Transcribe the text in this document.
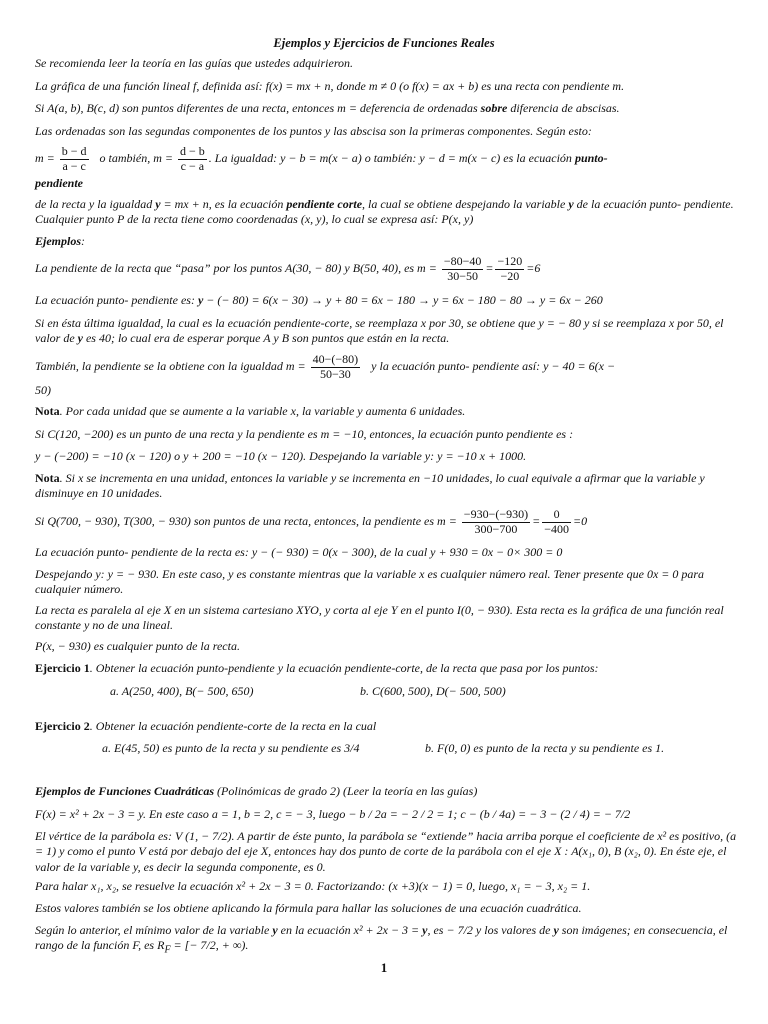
Ejemplos y Ejercicios de Funciones Reales

Se recomienda leer la teoría en las guías que ustedes adquirieron.

La gráfica de una función lineal f, definida así: f(x) = mx + n, donde m ≠ 0 (o f(x) = ax + b) es una recta con pendiente m.

Si A(a, b), B(c, d) son puntos diferentes de una recta, entonces m = deferencia de ordenadas sobre diferencia de abscisas.

Las ordenadas son las segundas componentes de los puntos y las abscisa son la primeras componentes. Según esto:

$m = \frac{b - d}{a - c}$ o también, $m = \frac{d - b}{c - a}$ . La igualdad: y − b = m(x − a) o también: y − d = m(x − c) es la ecuación punto-

pendiente

de la recta y la igualdad y = mx + n, es la ecuación pendiente corte, la cual se obtiene despejando la variable y de la ecuación punto- pendiente. Cualquier punto P de la recta tiene como coordenadas (x, y), lo cual se expresa así: P(x, y)

Ejemplos:

La pendiente de la recta que “pasa” por los puntos A(30, − 80) y B(50, 40), es $m = \frac{-80-40}{30-50} = \frac{-120}{-20} =6$

La ecuación punto- pendiente es: y − (− 80) = 6(x − 30) → y + 80 = 6x − 180 → y = 6x − 180 − 80 → y = 6x − 260

Si en ésta última igualdad, la cual es la ecuación pendiente-corte, se reemplaza x por 30, se obtiene que y = − 80 y si se reemplaza x por 50, el valor de y es 40; lo cual era de esperar porque A y B son puntos que están en la recta.

También, la pendiente se la obtiene con la igualdad $m = \frac{40-(-80)}{50-30}$ y la ecuación punto- pendiente así: y − 40 = 6(x −

50)

Nota. Por cada unidad que se aumente a la variable x, la variable y aumenta 6 unidades.

Si C(120, −200) es un punto de una recta y la pendiente es m = −10, entonces, la ecuación punto pendiente es :

y − (−200) = −10 (x − 120) o y + 200 = −10 (x − 120). Despejando la variable y: y = −10 x + 1000.

Nota. Si x se incrementa en una unidad, entonces la variable y se incrementa en −10 unidades, lo cual equivale a afirmar que la variable y disminuye en 10 unidades.

Si Q(700, − 930), T(300, − 930) son puntos de una recta, entonces, la pendiente es $m = \frac{-930-(-930)}{300-700} = \frac{0}{-400} =0$

La ecuación punto- pendiente de la recta es: y − (− 930) = 0(x − 300), de la cual y + 930 = 0x − 0× 300 = 0

Despejando y: y = − 930. En este caso, y es constante mientras que la variable x es cualquier número real. Tener presente que 0x = 0 para cualquier número.

La recta es paralela al eje X en un sistema cartesiano XYO, y corta al eje Y en el punto I(0, − 930). Esta recta es la gráfica de una función real constante y no de una lineal.

P(x, − 930) es cualquier punto de la recta.

Ejercicio 1. Obtener la ecuación punto-pendiente y la ecuación pendiente-corte, de la recta que pasa por los puntos:

a. A(250, 400), B(− 500, 650)	b. C(600, 500), D(− 500, 500)

Ejercicio 2. Obtener la ecuación pendiente-corte de la recta en la cual

a. E(45, 50) es punto de la recta y su pendiente es 3/4	b. F(0, 0) es punto de la recta y su pendiente es 1.

Ejemplos de Funciones Cuadráticas (Polinómicas de grado 2) (Leer la teoría en las guías)

F(x) = x² + 2x − 3 = y. En este caso a = 1, b = 2, c = − 3, luego − b / 2a = − 2 / 2 = 1; c − (b / 4a) = − 3 − (2 / 4) = − 7/2

El vértice de la parábola es: V (1, − 7/2). A partir de éste punto, la parábola se “extiende” hacia arriba porque el coeficiente de x² es positivo, (a = 1) y como el punto V está por debajo del eje X, entonces hay dos punto de corte de la parábola con el eje X : A(x₁, 0), B (x₂, 0). En éste eje, el valor de la variable y, es decir la segunda componente, es 0.

Para halar x₁, x₂, se resuelve la ecuación x² + 2x − 3 = 0. Factorizando: (x +3)(x − 1) = 0, luego, x₁ = − 3, x₂ = 1.

Estos valores también se los obtiene aplicando la fórmula para hallar las soluciones de una ecuación cuadrática.

Según lo anterior, el mínimo valor de la variable y en la ecuación x² + 2x − 3 = y, es − 7/2 y los valores de y son imágenes; en consecuencia, el rango de la función F, es $R_F$ = [− 7/2, + ∞).

1
